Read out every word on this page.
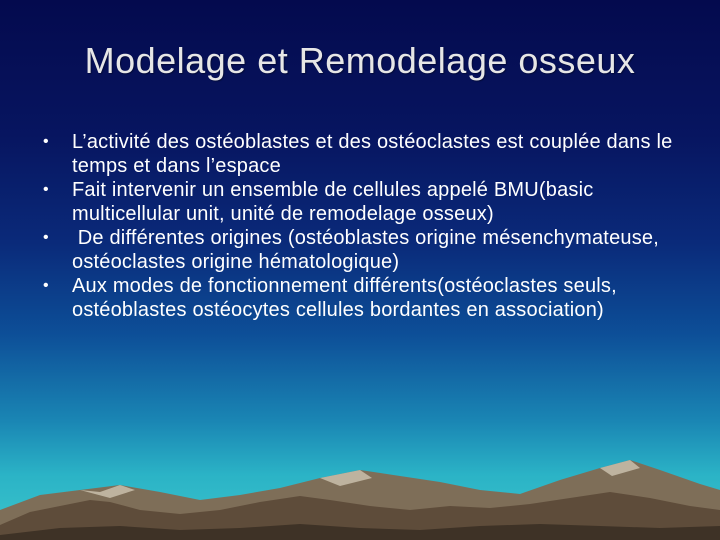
Modelage et Remodelage osseux
• L’activité des ostéoblastes et des ostéoclastes est couplée dans le temps et dans l’espace
• Fait intervenir un ensemble de cellules appelé BMU(basic multicellular unit, unité de remodelage osseux)
• De différentes origines (ostéoblastes origine mésenchymateuse, ostéoclastes origine hématologique)
• Aux modes de fonctionnement différents(ostéoclastes seuls, ostéoblastes ostéocytes cellules bordantes en association)
